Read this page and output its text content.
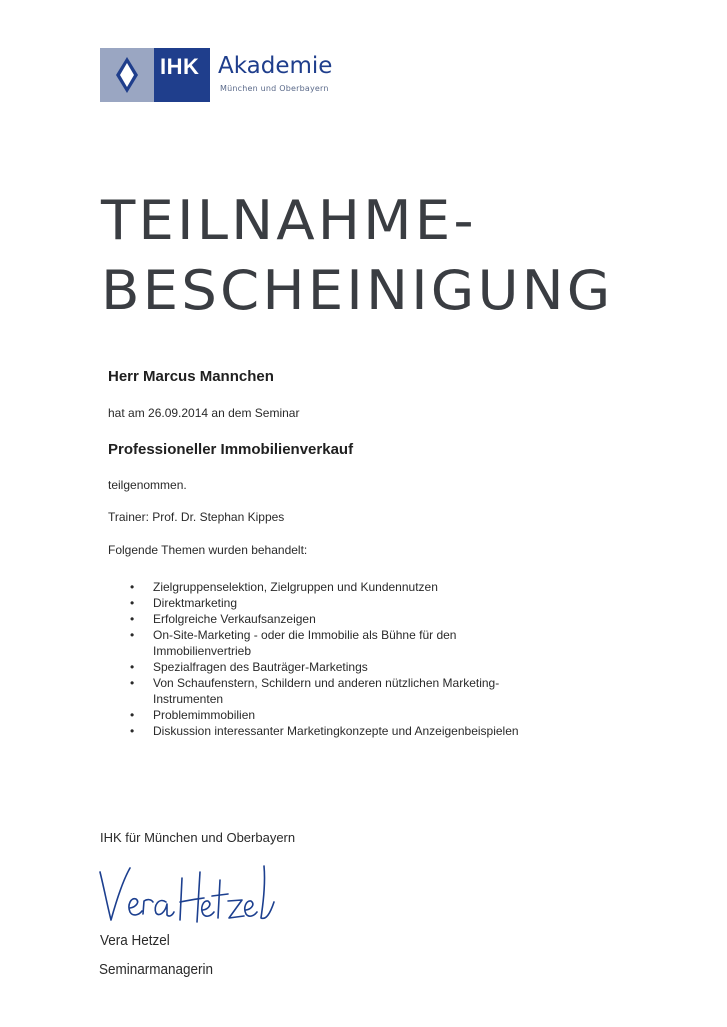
IHK Akademie
München und Oberbayern
TEILNAHME-
BESCHEINIGUNG

Herr Marcus Mannchen

hat am 26.09.2014 an dem Seminar

Professioneller Immobilienverkauf

teilgenommen.

Trainer: Prof. Dr. Stephan Kippes

Folgende Themen wurden behandelt:

• Zielgruppenselektion, Zielgruppen und Kundennutzen
• Direktmarketing
• Erfolgreiche Verkaufsanzeigen
• On-Site-Marketing - oder die Immobilie als Bühne für den Immobilienvertrieb
• Spezialfragen des Bauträger-Marketings
• Von Schaufenstern, Schildern und anderen nützlichen Marketing-Instrumenten
• Problemimmobilien
• Diskussion interessanter Marketingkonzepte und Anzeigenbeispielen

IHK für München und Oberbayern

Vera Hetzel

Seminarmanagerin
